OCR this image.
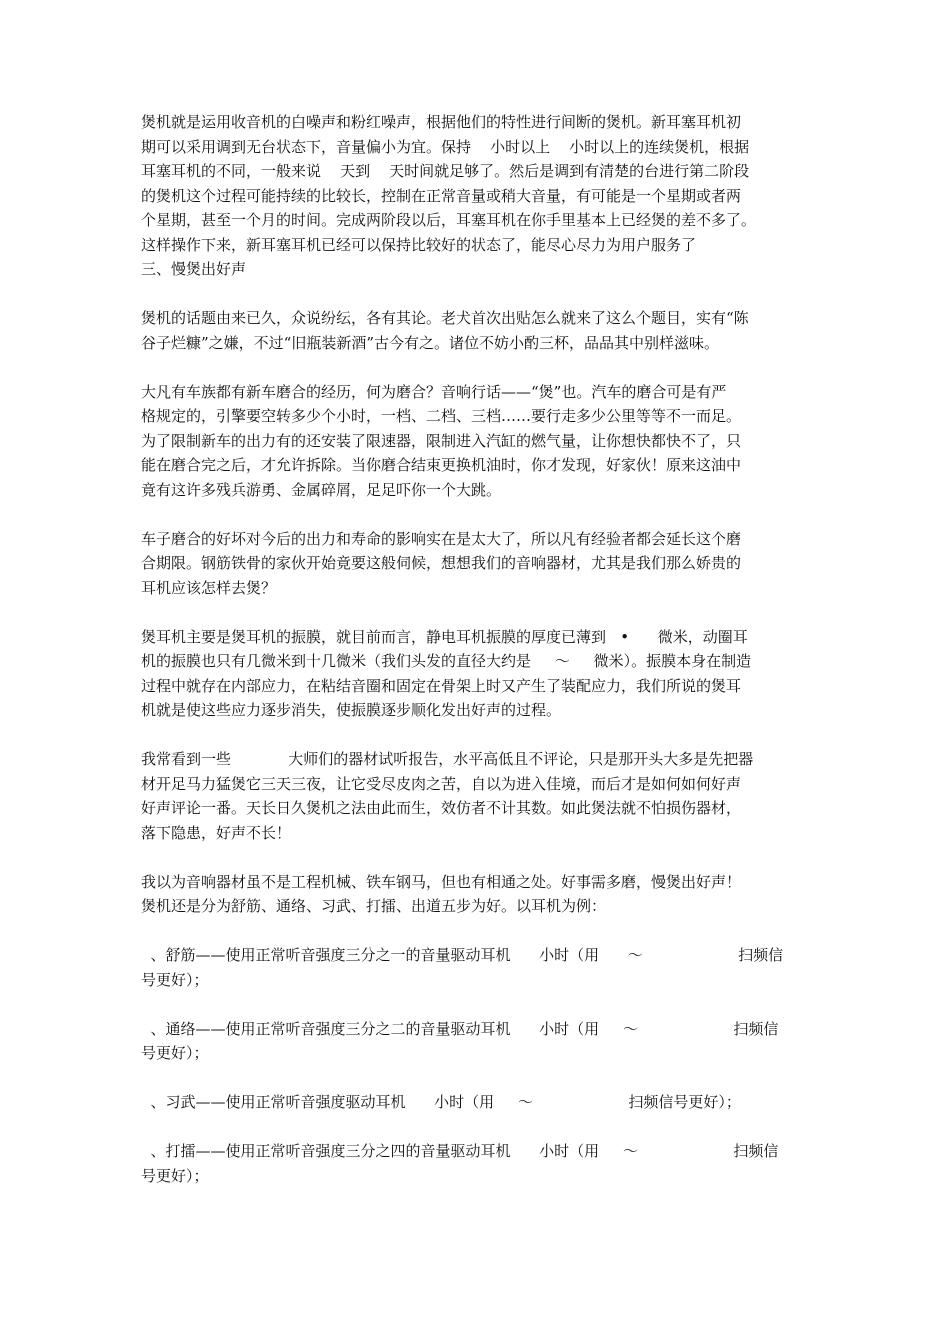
煲机就是运用收音机的白噪声和粉红噪声，根据他们的特性进行间断的煲机。新耳塞耳机初
期可以采用调到无台状态下，音量偏小为宜。保持    小时以上    小时以上的连续煲机，根据
耳塞耳机的不同，一般来说    天到    天时间就足够了。然后是调到有清楚的台进行第二阶段
的煲机这个过程可能持续的比较长，控制在正常音量或稍大音量，有可能是一个星期或者两
个星期，甚至一个月的时间。完成两阶段以后，耳塞耳机在你手里基本上已经煲的差不多了。
这样操作下来，新耳塞耳机已经可以保持比较好的状态了，能尽心尽力为用户服务了
三、慢煲出好声
煲机的话题由来已久，众说纷纭，各有其论。老犬首次出贴怎么就来了这么个题目，实有“陈
谷子烂糠”之嫌，不过“旧瓶装新酒”古今有之。诸位不妨小酌三杯，品品其中别样滋味。
大凡有车族都有新车磨合的经历，何为磨合？音响行话——“煲”也。汽车的磨合可是有严
格规定的，引擎要空转多少个小时，一档、二档、三档……要行走多少公里等等不一而足。
为了限制新车的出力有的还安装了限速器，限制进入汽缸的燃气量，让你想快都快不了，只
能在磨合完之后，才允许拆除。当你磨合结束更换机油时，你才发现，好家伙！原来这油中
竟有这许多残兵游勇、金属碎屑，足足吓你一个大跳。
车子磨合的好坏对今后的出力和寿命的影响实在是太大了，所以凡有经验者都会延长这个磨
合期限。钢筋铁骨的家伙开始竟要这般伺候，想想我们的音响器材，尤其是我们那么娇贵的
耳机应该怎样去煲？
煲耳机主要是煲耳机的振膜，就目前而言，静电耳机振膜的厚度已薄到   •      微米，动圈耳
机的振膜也只有几微米到十几微米（我们头发的直径大约是     ～     微米）。振膜本身在制造
过程中就存在内部应力，在粘结音圈和固定在骨架上时又产生了装配应力，我们所说的煲耳
机就是使这些应力逐步消失，使振膜逐步顺化发出好声的过程。
我常看到一些            大师们的器材试听报告，水平高低且不评论，只是那开头大多是先把器
材开足马力猛煲它三天三夜，让它受尽皮肉之苦，自以为进入佳境，而后才是如何如何好声
好声评论一番。天长日久煲机之法由此而生，效仿者不计其数。如此煲法就不怕损伤器材，
落下隐患，好声不长！
我以为音响器材虽不是工程机械、铁车钢马，但也有相通之处。好事需多磨，慢煲出好声！
煲机还是分为舒筋、通络、习武、打擂、出道五步为好。以耳机为例：
、舒筋——使用正常听音强度三分之一的音量驱动耳机      小时（用      ～                    扫频信
号更好）；
、通络——使用正常听音强度三分之二的音量驱动耳机      小时（用     ～                    扫频信
号更好）；
、习武——使用正常听音强度驱动耳机      小时（用     ～                    扫频信号更好）；
、打擂——使用正常听音强度三分之四的音量驱动耳机      小时（用     ～                    扫频信
号更好）；
